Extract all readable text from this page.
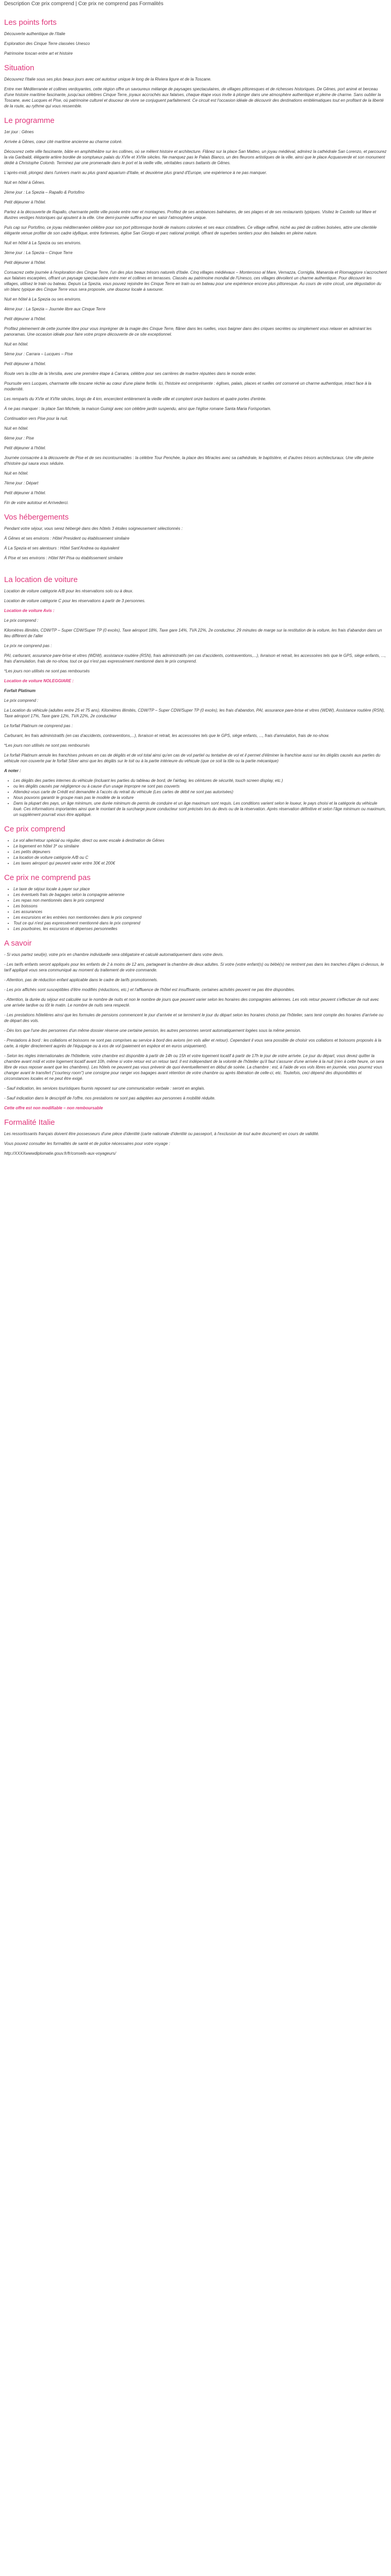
Description Cœ prix comprend | Cœ prix ne comprend pas Formalités
Les points forts

Découverte authentique de l'Italie

Exploration des Cinque Terre classées Unesco

Patrimoine toscan entre art et histoire

Situation

Découvrez l'Italie sous ses plus beaux jours avec cet autotour unique le long de la Riviera ligure et de la Toscane.

Entre mer Méditerranée et collines verdoyantes, cette région offre un savoureux mélange de paysages spectaculaires, de villages pittoresques et de richesses historiques. De Gênes, port animé et berceau d'une histoire maritime fascinante, jusqu'aux célèbres Cinque Terre, joyaux accrochés aux falaises, chaque étape vous invite à plonger dans une atmosphère authentique et pleine de charme. Sans oublier la Toscane, avec Lucques et Pise, où patrimoine culturel et douceur de vivre se conjuguent parfaitement. Ce circuit est l'occasion idéale de découvrir des destinations emblématiques tout en profitant de la liberté de la route, au rythme qui vous ressemble.

Le programme

1er jour : Gênes

Arrivée à Gênes, cœur cité maritime ancienne au charme coloré.

Découvrez cette ville fascinante, bâtie en amphithéâtre sur les collines, où se mêlent histoire et architecture. Flânez sur la place San Matteo, un joyau médiéval, admirez la cathédrale San Lorenzo, et parcourez la via Garibaldi, élégante artère bordée de somptueux palais du XVIe et XVIIe siècles. Ne manquez pas le Palais Bianco, un des fleurons artistiques de la ville, ainsi que le place Acquasverde et son monument dédié à Christophe Colomb. Terminez par une promenade dans le port et la vieille ville, véritables cœurs battants de Gênes.

L'après-midi, plongez dans l'univers marin au plus grand aquarium d'Italie, et deuxième plus grand d'Europe, une expérience à ne pas manquer.

Nuit en hôtel à Gênes.

2ème jour : La Spezia – Rapallo & Portofino

Petit déjeuner à l'hôtel.

Partez à la découverte de Rapallo, charmante petite ville posée entre mer et montagnes. Profitez de ses ambiances balnéaires, de ses plages et de ses restaurants typiques. Visitez le Castello sul Mare et illustres vestiges historiques qui ajoutent à la ville. Une demi-journée suffira pour en saisir l'atmosphère unique.

Puis cap sur Portofino, ce joyau méditerranéen célèbre pour son port pittoresque bordé de maisons colorées et ses eaux cristallines. Ce village raffiné, niché au pied de collines boisées, attire une clientèle élégante venue profiter de son cadre idyllique, entre fortereses, église San Giorgio et parc national protégé, offrant de superbes sentiers pour des balades en pleine nature.

Nuit en hôtel à La Spezia ou ses environs.

3ème jour : La Spezia – Cinque Terre

Petit déjeuner à l'hôtel.

Consacrez cette journée à l'exploration des Cinque Terre, l'un des plus beaux trésors naturels d'Italie. Cinq villages médiévaux – Monterosso al Mare, Vernazza, Corniglia, Manarola et Riomaggiore s'accrochent aux falaises escarpées, offrant un paysage spectaculaire entre mer et collines en terrasses. Classés au patrimoine mondial de l'Unesco, ces villages dévoilent un charme authentique. Pour découvrir les villages, utilisez le train ou bateau. Depuis La Spezia, vous pouvez rejoindre les Cinque Terre en train ou en bateau pour une expérience encore plus pittoresque. Au cours de votre circuit, une dégustation du vin blanc typique des Cinque Terre vous sera proposée, une douceur locale à savourer.

Nuit en hôtel à La Spezia ou ses environs.

4ème jour : La Spezia – Journée libre aux Cinque Terre

Petit déjeuner à l'hôtel.

Profitez pleinement de cette journée libre pour vous imprégner de la magie des Cinque Terre, flâner dans les ruelles, vous baigner dans des criques secrètes ou simplement vous relaxer en admirant les panoramas. Une occasion idéale pour faire votre propre découverte de ce site exceptionnel.

Nuit en hôtel.

5ème jour : Carrara – Lucques – Pise

Petit déjeuner à l'hôtel.

Route vers la côte de la Versilia, avec une première étape à Carrara, célèbre pour ses carrières de marbre réputées dans le monde entier.

Poursuite vers Lucques, charmante ville toscane réchie au cœur d'une plaine fertile. Ici, l'histoire est omniprésente : églises, palais, places et ruelles ont conservé un charme authentique, intact face à la modernité.

Les remparts du XVIe et XVIIe siècles, longs de 4 km, encerclent entièrement la vieille ville et comptent onze bastions et quatre portes d'entrée.

À ne pas manquer : la place San Michele, la maison Guinigi avec son célèbre jardin suspendu, ainsi que l'église romane Santa Maria Forisportam.

Continuation vers Pise pour la nuit.

Nuit en hôtel.

6ème jour : Pise

Petit déjeuner à l'hôtel.

Journée consacrée à la découverte de Pise et de ses incontournables : la célèbre Tour Penchée, la place des Miracles avec sa cathédrale, le baptistère, et d'autres trésors architecturaux. Une ville pleine d'histoire qui saura vous séduire.

Nuit en hôtel.

7ème jour : Départ

Petit déjeuner à l'hôtel.

Fin de votre autotour et Arrivederci.

Vos hébergements

Pendant votre séjour, vous serez hébergé dans des hôtels 3 étoiles soigneusement sélectionnés :

À Gênes et ses environs : Hôtel President ou établissement similaire

À La Spezia et ses alentours : Hôtel Sant'Andrea ou équivalent

À Pise et ses environs : Hôtel NH Pisa ou établissement similaire

La location de voiture

Location de voiture catégorie A/B pour les réservations solo ou à deux.

Location de voiture catégorie C pour les réservations à partir de 3 personnes.

Location de voiture Avis :

Le prix comprend :

Kilomètres illimités, CDW/TP – Super CDW/Super TP (0 excès), Taxe aéroport 18%, Taxe gare 14%, TVA 22%, 2e conducteur, 29 minutes de marge sur la restitution de la voiture, les frais d'abandon dans un lieu différent de l'aller

Le prix ne comprend pas :

PAI, carburant, assurance pare-brise et vitres (WDW), assistance routière (RSN), frais administratifs (en cas d'accidents, contraventions,...), livraison et retrait, les accessoires tels que le GPS, siège enfants, ..., frais d'annulation, frais de no-show, tout ce qui n'est pas expressément mentionné dans le prix comprend.

*Les jours non utilisés ne sont pas remboursés

Location de voiture NOLEGGIARE :

Forfait Platinum

Le prix comprend :

La Location du véhicule (adultes entre 25 et 75 ans), Kilomètres illimités, CDW/TP – Super CDW/Super TP (0 excès), les frais d'abandon, PAI, assurance pare-brise et vitres (WDW), Assistance routière (RSN), Taxe aéroport 17%, Taxe gare 12%, TVA 22%, 2e conducteur

Le forfait Platinum ne comprend pas :

Carburant, les frais administratifs (en cas d'accidents, contraventions,...), livraison et retrait, les accessoires tels que le GPS, siège enfants, ..., frais d'annulation, frais de no-show.

*Les jours non utilisés ne sont pas remboursés

Le forfait Platinum annule les franchises prévues en cas de dégâts et de vol total ainsi qu'en cas de vol partiel ou tentative de vol et il permet d'éliminer la franchise aussi sur les dégâts causés aux parties du véhicule non couverte par le forfait Silver ainsi que les dégâts sur le toit ou à la partie intérieure du véhicule (que ce soit la tôle ou la partie mécanique)

A noter :

• Les dégâts des parties internes du véhicule (incluant les parties du tableau de bord, de l'airbag, les céintures de sécurité, touch screen display, etc.)
• ou les dégâts causés par négligence ou à cause d'un usage impropre ne sont pas couverts
• Attendez-vous carte de Crédit est demandée à l'accès du retrait du véhicule (Les cartes de débit ne sont pas autorisées)
• Nous pouvons garantir le groupe mais pas le modèle de la voiture
• Dans la plupart des pays, un âge minimum, une durée minimum de permis de conduire et un âge maximum sont requis. Les conditions varient selon le loueur, le pays choisi et la catégorie du véhicule loué. Ces informations importantes ainsi que le montant de la surcharge jeune conducteur sont précisés lors du devis ou de la réservation. Après réservation définitive et selon l'âge minimum ou maximum, un supplément pourrait vous être appliqué.
Ce prix comprend
• Le vol aller/retour spécial ou régulier, direct ou avec escale à destination de Gênes
• Le logement en hôtel 3* ou similaire
• Les petits déjeuners
• La location de voiture catégorie A/B ou C
• Les taxes aéroport qui peuvent varier entre 30€ et 200€
Ce prix ne comprend pas
• Le taxe de séjour locale à payer sur place
• Les éventuels frais de bagages selon la compagnie aérienne
• Les repas non mentionnés dans le prix comprend
• Les boissons
• Les assurances
• Les excursions et les entrées non mentionnées dans le prix comprend
• Tout ce qui n'est pas expressément mentionné dans le prix comprend
• Les pourboires, les excursions et dépenses personnelles
A savoir

- Si vous partez seul(e), votre prix en chambre individuelle sera obligatoire et calculé automatiquement dans votre devis.

- Les tarifs enfants seront appliqués pour les enfants de 2 à moins de 12 ans, partageant la chambre de deux adultes. Si votre (votre enfant(s) ou bébé(s) ne rentrent pas dans les tranches d'âges ci-dessus, le tarif appliqué vous sera communiqué au moment du traitement de votre commande.

- Attention, pas de réduction enfant applicable dans le cadre de tarifs promotionnels.

- Les prix affichés sont susceptibles d'être modifiés (réductions, etc.) et l'affluence de l'hôtel est insuffisante, certaines activités peuvent ne pas être disponibles.

- Attention, la durée du séjour est calculée sur le nombre de nuits et non le nombre de jours que peuvent varier selon les horaires des compagnies aériennes. Les vols retour peuvent s'effectuer de nuit avec une arrivée tardive ou tôt le matin. Le nombre de nuits sera respecté.

- Les prestations hôtelières ainsi que les formules de pensions commencent le jour d'arrivée et se terminent le jour du départ selon les horaires choisis par l'hôtelier, sans tenir compte des horaires d'arrivée ou de départ des vols.

- Dès lors que l'une des personnes d'un même dossier réserve une certaine pension, les autres personnes seront automatiquement logées sous la même pension.

- Prestations à bord : les collations et boissons ne sont pas comprises au service à bord des avions (en vols aller et retour). Cependant il vous sera possible de choisir vos collations et boissons proposés à la carte, à régler directement auprès de l'équipage ou à vos de vol (paiement en espèce et en euros uniquement).

- Selon les règles internationales de l'hôtellerie, votre chambre est disponible à partir de 14h ou 15h et votre logement locatif à partir de 17h le jour de votre arrivée. Le jour du départ, vous devez quitter la chambre avant midi et votre logement locatif avant 10h, même si votre retour est un retour tard. Il est indépendant de la volonté de l'hôtelier qu'il faut s'assurer d'une arrivée à la nuit (rien à cette heure, on sera libre de vous reposer avant que les chambres). Les hôtels ne peuvent pas vous prévenir de quoi éventuellement en début de soirée. La chambre : est, à l'aide de vos vols libres en journée, vous pourrez vous changer avant le transfert ("courtesy room") une consigne pour ranger vos bagages avant rétention de votre chambre ou après libération de celle-ci, etc. Toutefois, ceci dépend des disponibilités et circonstances locales et ne peut être exigé.

- Sauf indication, les services touristiques fournis reposent sur une communication verbale : seront en anglais.

- Sauf indication dans le descriptif de l'offre, nos prestations ne sont pas adaptées aux personnes à mobilité réduite.

Cette offre est non modifiable – non remboursable

Formalité Italie

Les ressortissants français doivent être possesseurs d'une pièce d'identité (carte nationale d'identité ou passeport, à l'exclusion de tout autre document) en cours de validité.

Vous pouvez consulter les formalités de santé et de police nécessaires pour votre voyage :

http://XXXXwwwdiplomatie.gouv.fr/fr/conseils-aux-voyageurs/
